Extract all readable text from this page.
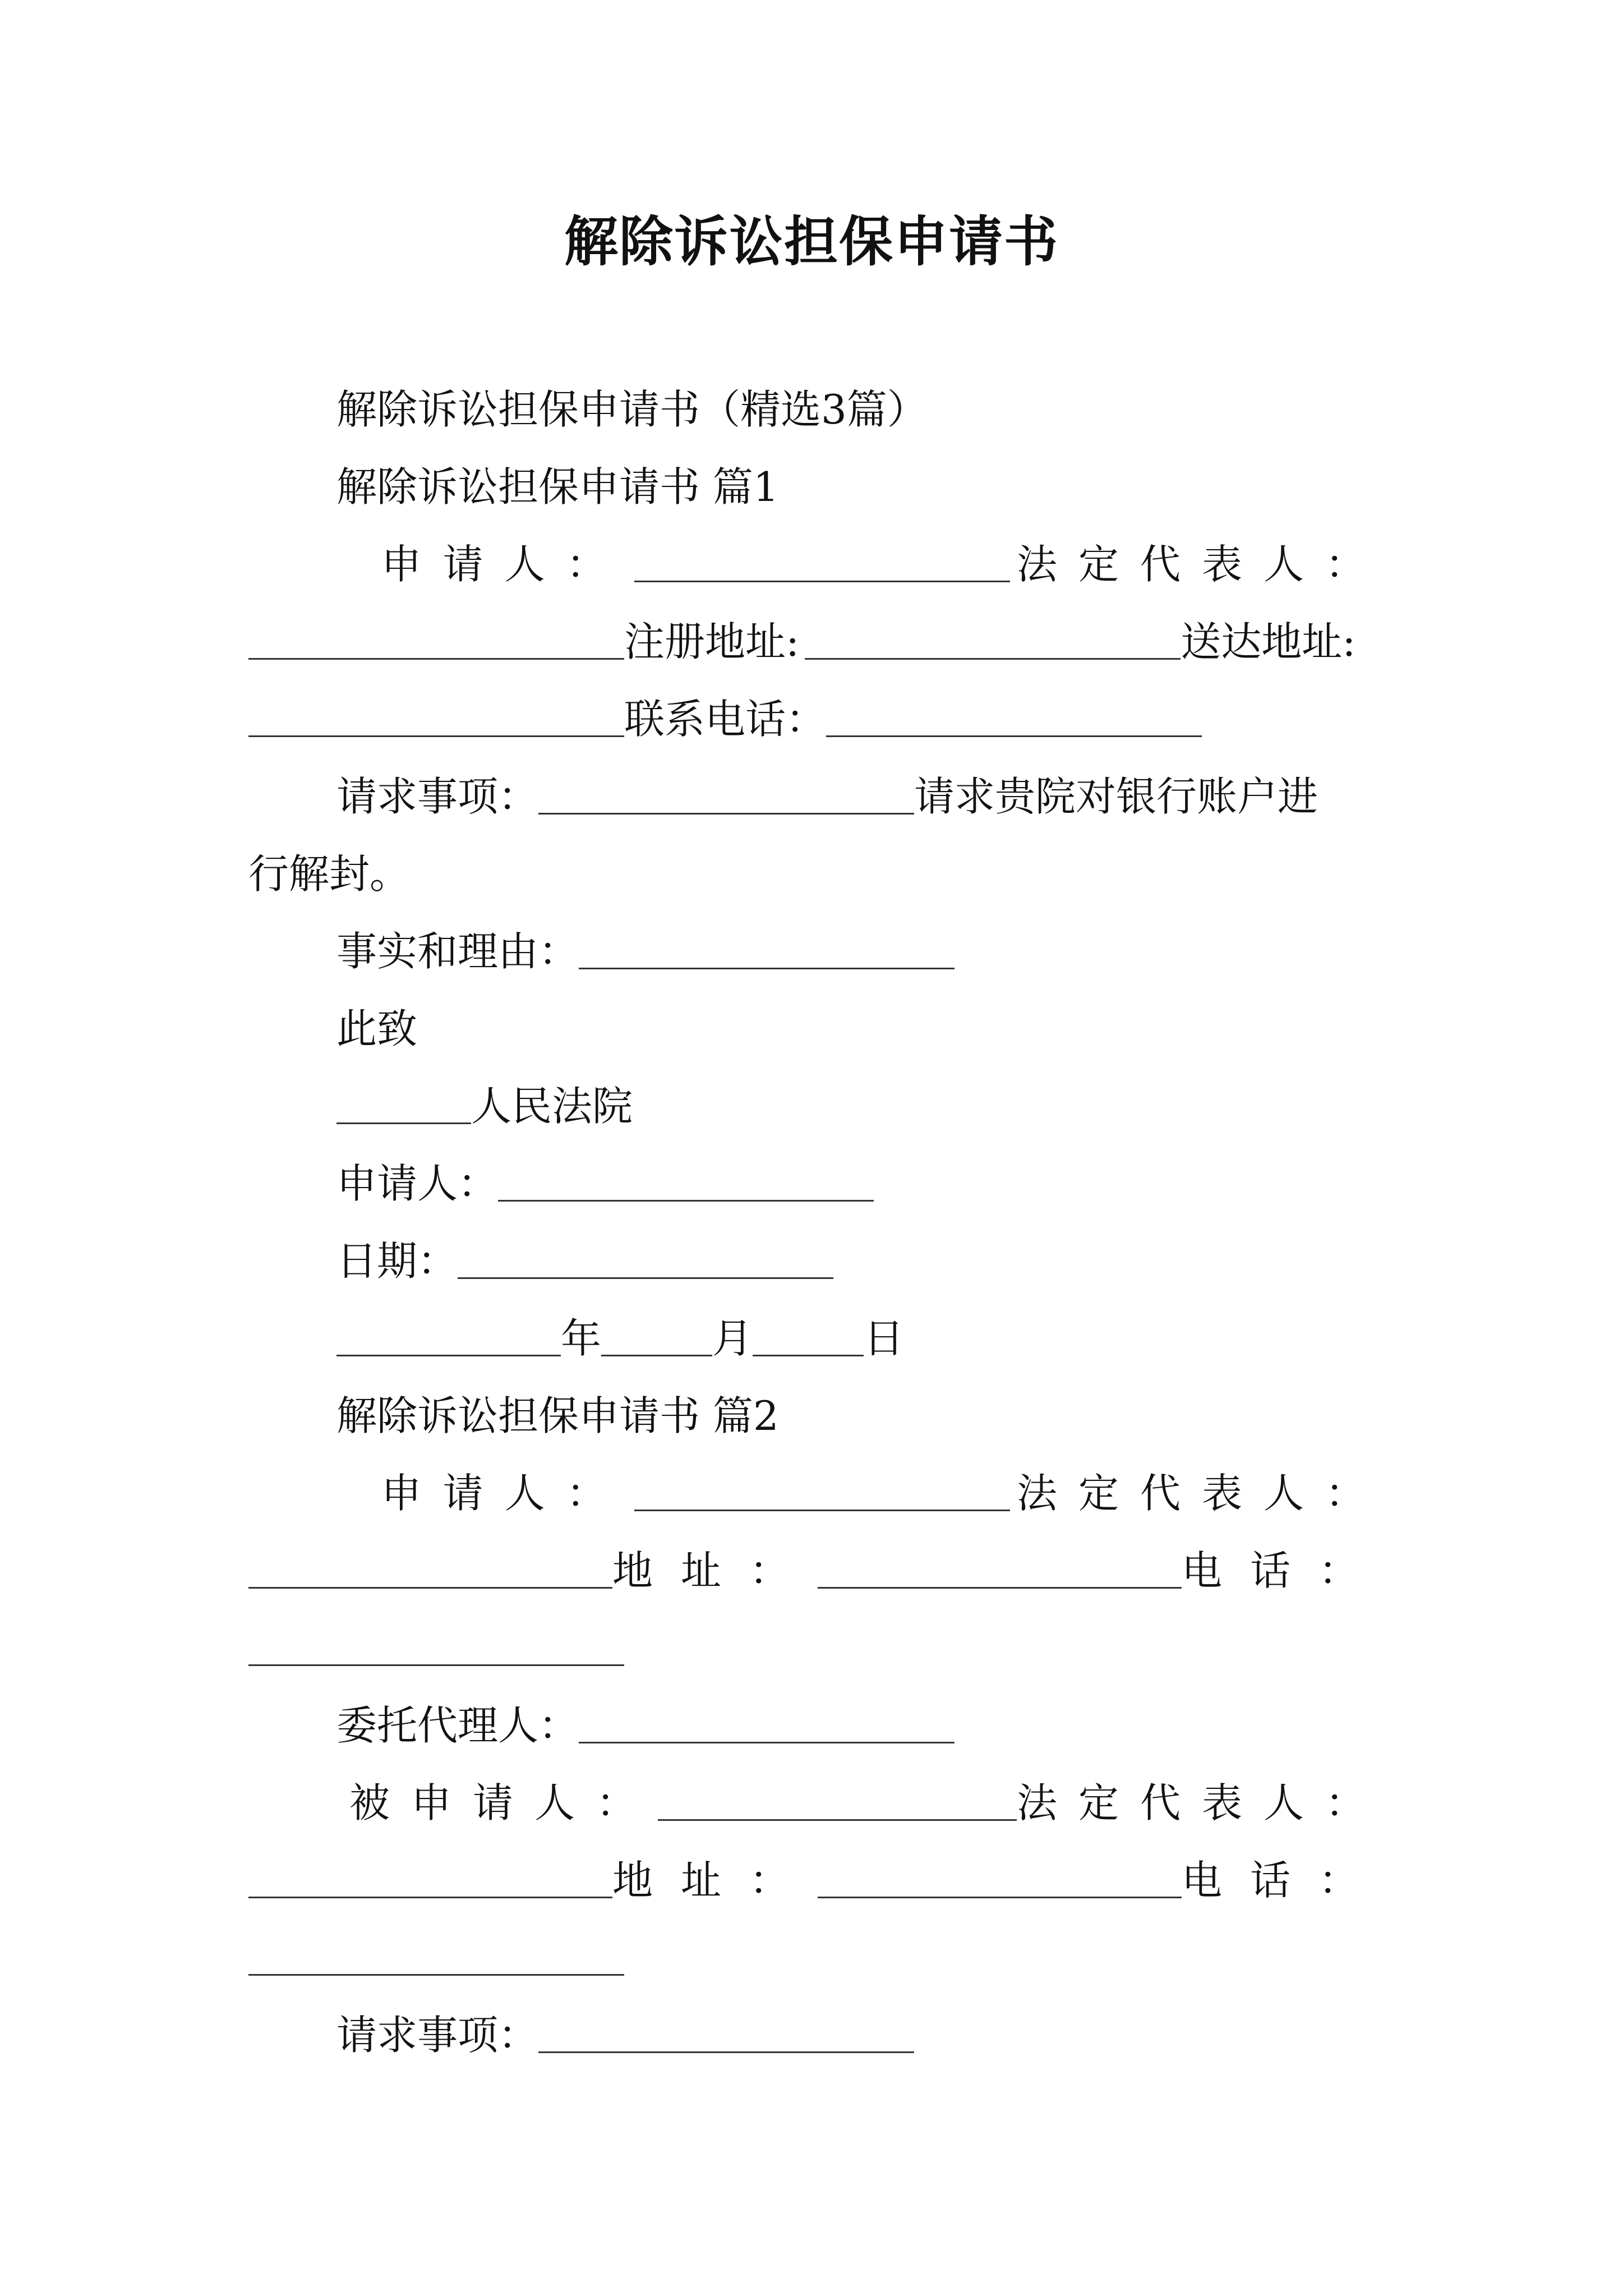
解除诉讼担保申请书
解除诉讼担保申请书（精选3篇）
解除诉讼担保申请书 篇1
申请人：	法定代表人：
注册地址:	送达地址:
联系电话：
请求事项：	请求贵院对银行账户进
行解封。
事实和理由：
此致
人民法院
申请人：
日期：
年	月	日
解除诉讼担保申请书 篇2
申请人：	法定代表人：
地址：	电话：
委托代理人：
被申请人：	法定代表人：
地址：	电话：
请求事项：
